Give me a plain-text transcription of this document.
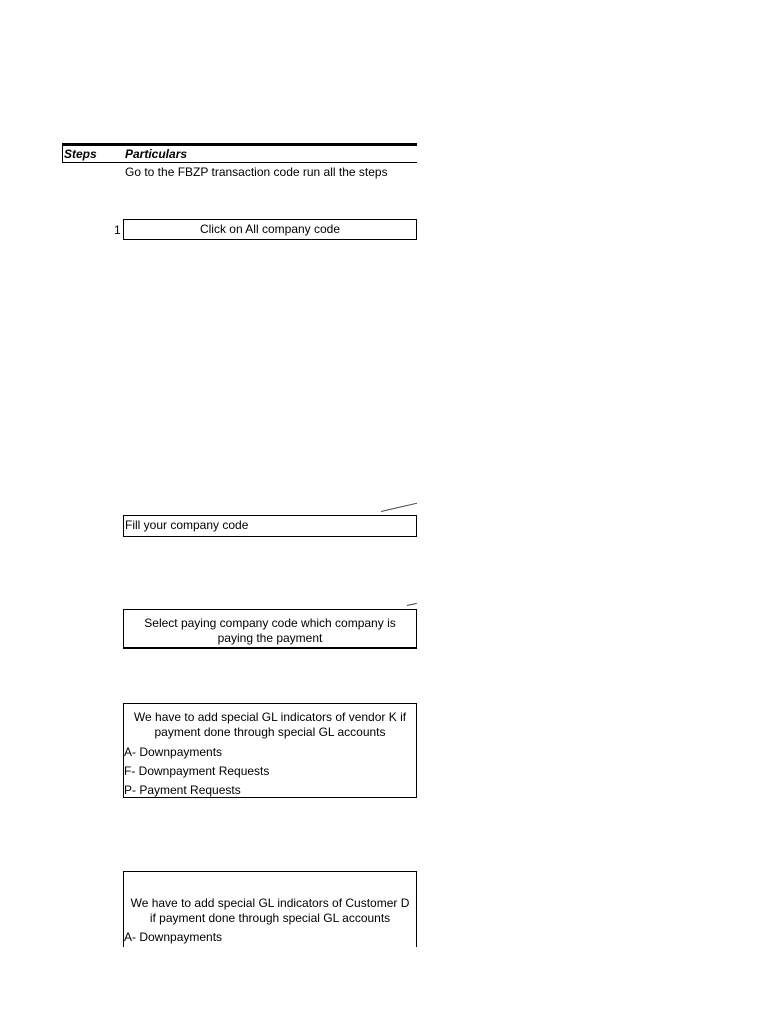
Steps Particulars
Go to the FBZP transaction code run all the steps
1	Click on All company code
Fill your company code
Select paying company code which company is paying the payment
We have to add special GL indicators of vendor K if payment done through special GL accounts
A- Downpayments
F- Downpayment Requests
P- Payment Requests
We have to add special GL indicators of Customer D if payment done through special GL accounts
A- Downpayments
